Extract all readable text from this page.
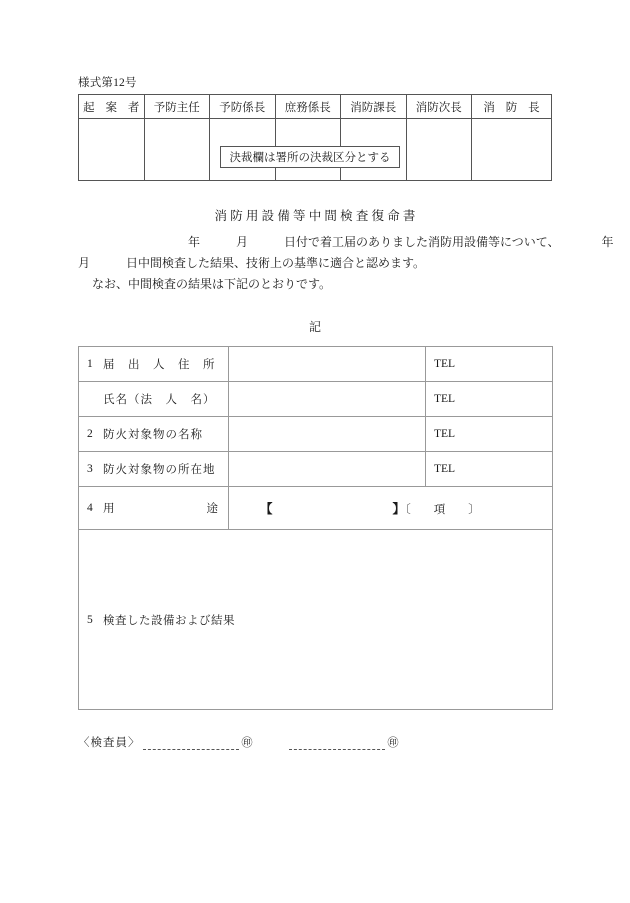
様式第12号
起 案 者	予防主任	予防係長	庶務係長	消防課長	消防次長	消 防 長

決裁欄は署所の決裁区分とする
消防用設備等中間検査復命書
　　　　年　　　月　　　日付で着工届のありました消防用設備等について、　　　　年
月　　　日中間検査した結果、技術上の基準に適合と認めます。
なお、中間検査の結果は下記のとおりです。
記
1 届　出　人　住　所		TEL

氏名（法　人　名）		TEL

2 防火対象物の名称		TEL

3 防火対象物の所在地		TEL

4 用 途	【 】〔　　項　　〕	

5 検査した設備および結果		
〈検査員〉	㊞	㊞
